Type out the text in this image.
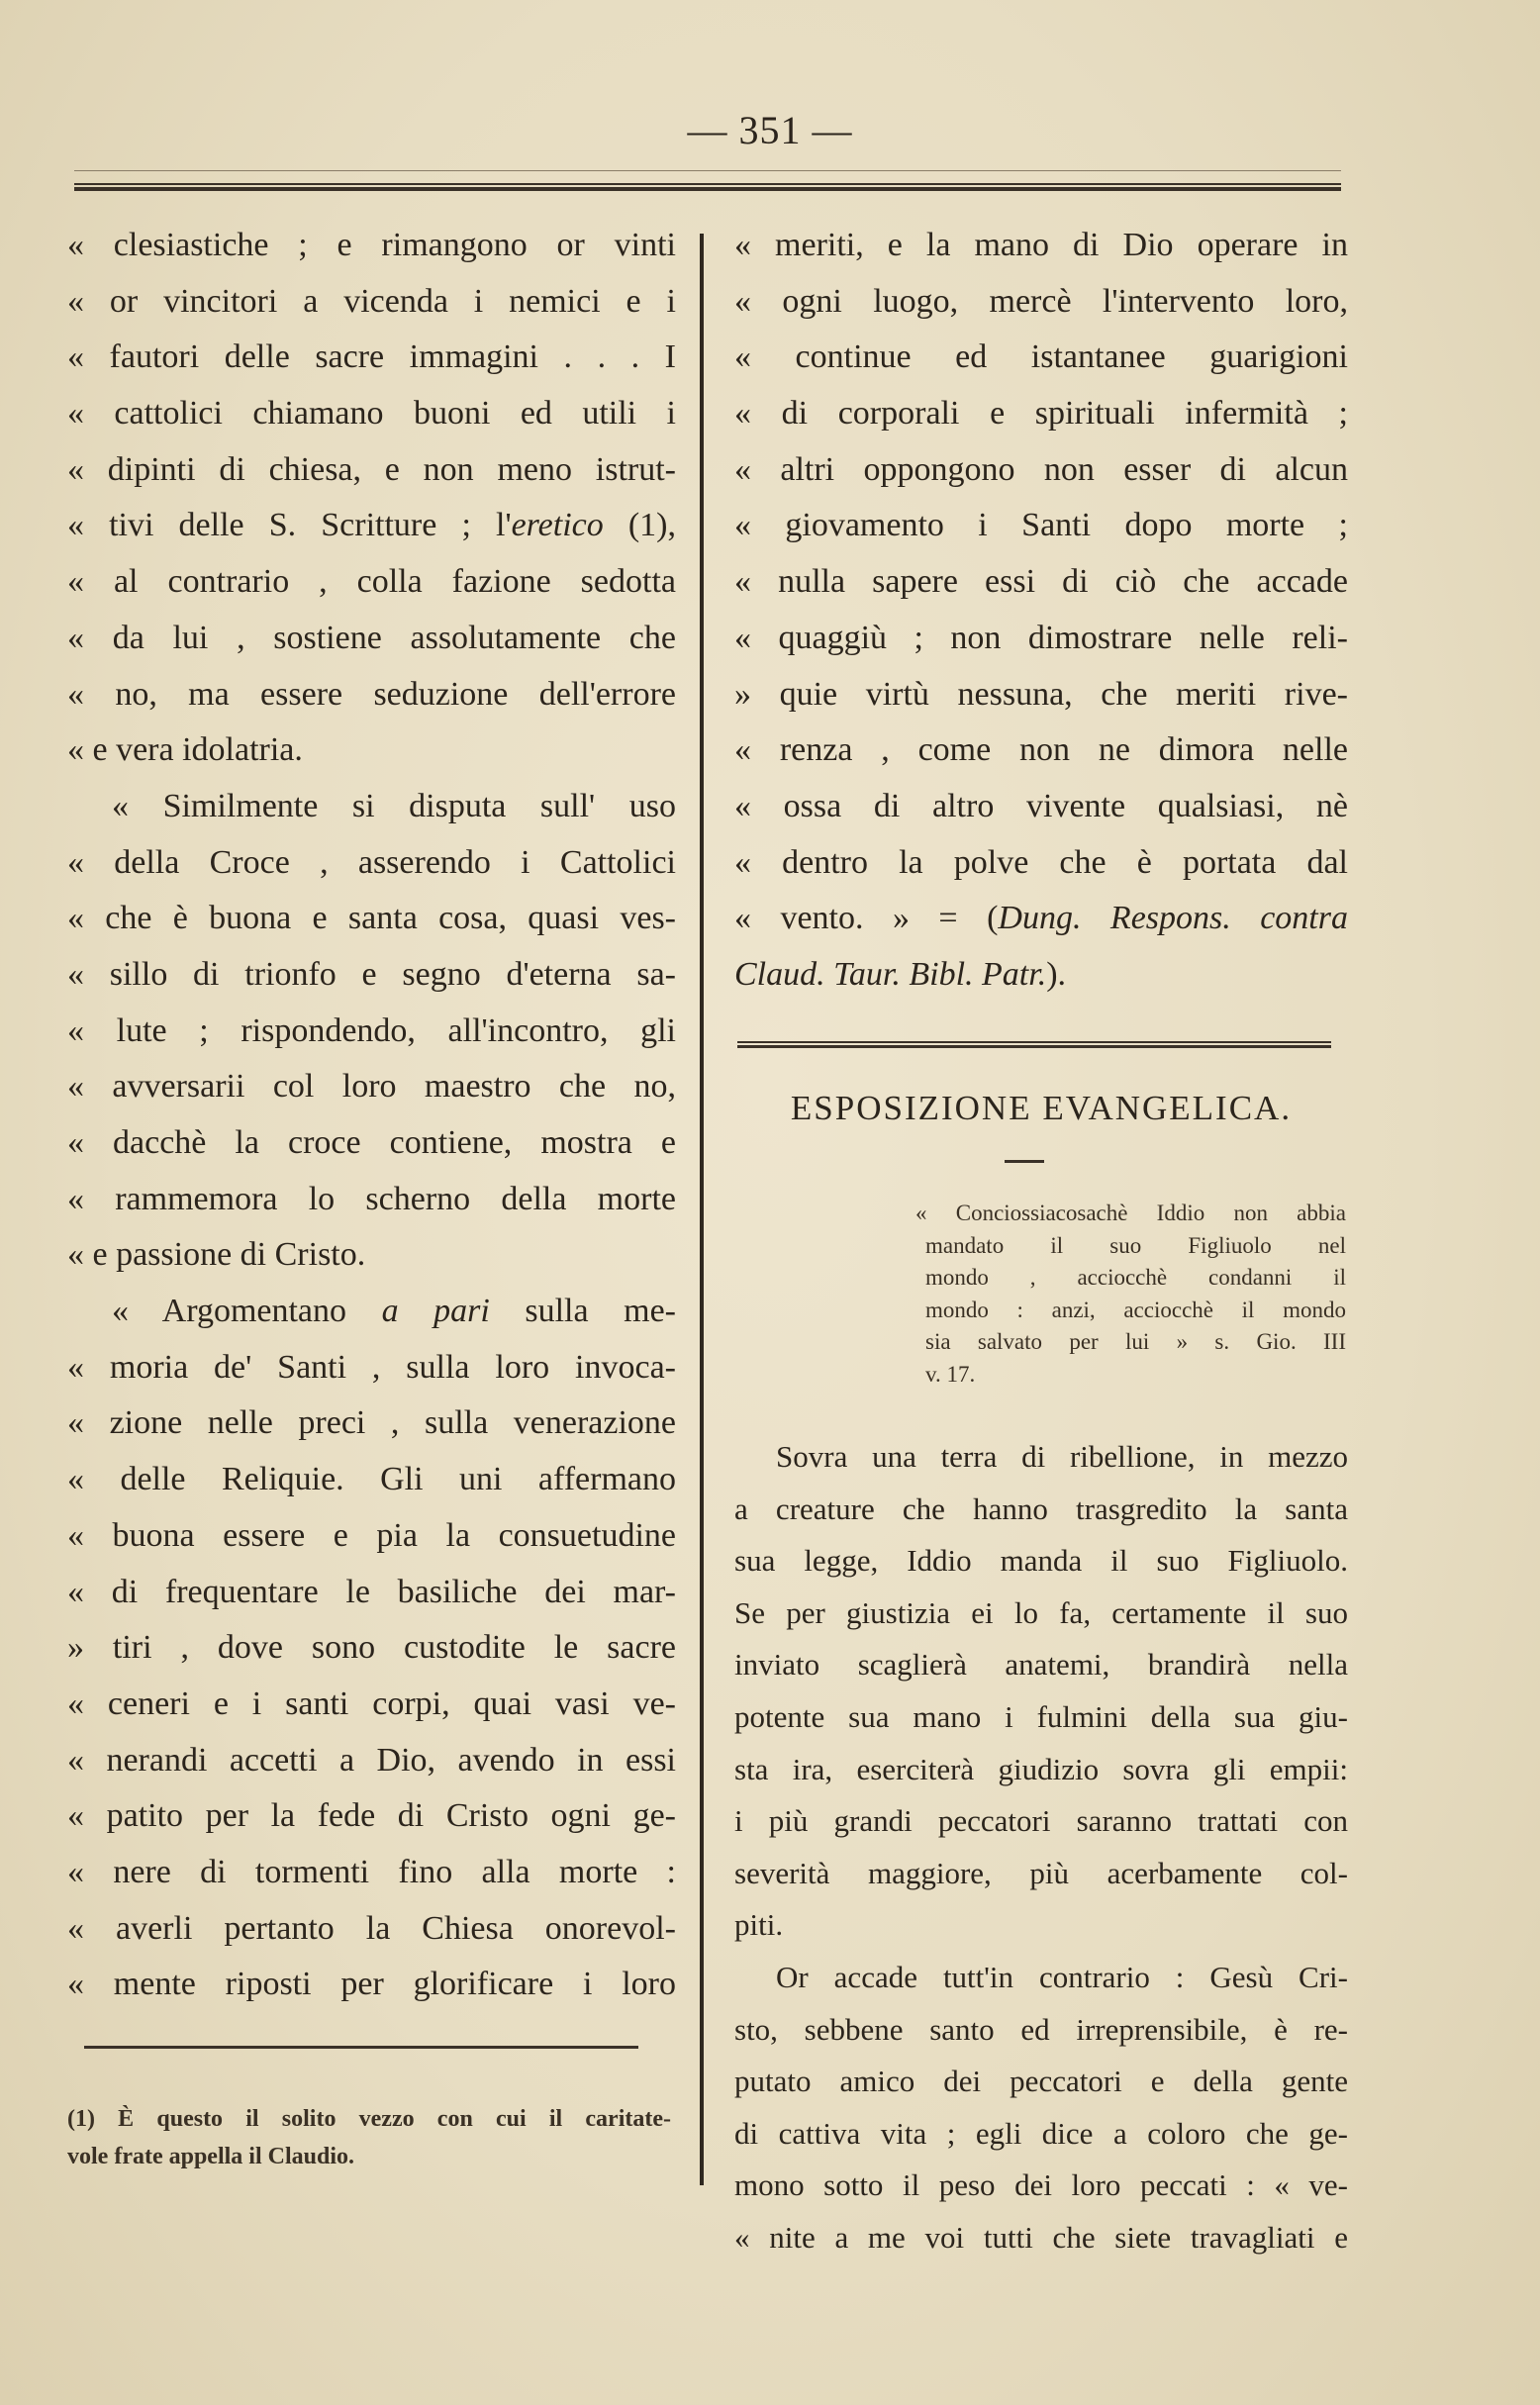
— 351 —
« clesiastiche ; e rimangono or vinti
« or vincitori a vicenda i nemici e i
« fautori delle sacre immagini . . . I
« cattolici chiamano buoni ed utili i
« dipinti di chiesa, e non meno istrut-
« tivi delle S. Scritture ; l'eretico (1),
« al contrario , colla fazione sedotta
« da lui , sostiene assolutamente che
« no, ma essere seduzione dell'errore
« e vera idolatria.
« Similmente si disputa sull' uso
« della Croce , asserendo i Cattolici
« che è buona e santa cosa, quasi ves-
« sillo di trionfo e segno d'eterna sa-
« lute ; rispondendo, all'incontro, gli
« avversarii col loro maestro che no,
« dacchè la croce contiene, mostra e
« rammemora lo scherno della morte
« e passione di Cristo.
« Argomentano a pari sulla me-
« moria de' Santi , sulla loro invoca-
« zione nelle preci , sulla venerazione
« delle Reliquie. Gli uni affermano
« buona essere e pia la consuetudine
« di frequentare le basiliche dei mar-
» tiri , dove sono custodite le sacre
« ceneri e i santi corpi, quai vasi ve-
« nerandi accetti a Dio, avendo in essi
« patito per la fede di Cristo ogni ge-
« nere di tormenti fino alla morte :
« averli pertanto la Chiesa onorevol-
« mente riposti per glorificare i loro
(1) È questo il solito vezzo con cui il caritate-
vole frate appella il Claudio.
« meriti, e la mano di Dio operare in
« ogni luogo, mercè l'intervento loro,
« continue ed istantanee guarigioni
« di corporali e spirituali infermità ;
« altri oppongono non esser di alcun
« giovamento i Santi dopo morte ;
« nulla sapere essi di ciò che accade
« quaggiù ; non dimostrare nelle reli-
» quie virtù nessuna, che meriti rive-
« renza , come non ne dimora nelle
« ossa di altro vivente qualsiasi, nè
« dentro la polve che è portata dal
« vento. » = (Dung. Respons. contra
Claud. Taur. Bibl. Patr.).
ESPOSIZIONE EVANGELICA.
« Conciossiacosachè Iddio non abbia
mandato il suo Figliuolo nel
mondo , acciocchè condanni il
mondo : anzi, acciocchè il mondo
sia salvato per lui » s. Gio. III
v. 17.
Sovra una terra di ribellione, in mezzo
a creature che hanno trasgredito la santa
sua legge, Iddio manda il suo Figliuolo.
Se per giustizia ei lo fa, certamente il suo
inviato scaglierà anatemi, brandirà nella
potente sua mano i fulmini della sua giu-
sta ira, eserciterà giudizio sovra gli empii:
i più grandi peccatori saranno trattati con
severità maggiore, più acerbamente col-
piti.
Or accade tutt'in contrario : Gesù Cri-
sto, sebbene santo ed irreprensibile, è re-
putato amico dei peccatori e della gente
di cattiva vita ; egli dice a coloro che ge-
mono sotto il peso dei loro peccati : « ve-
« nite a me voi tutti che siete travagliati e
